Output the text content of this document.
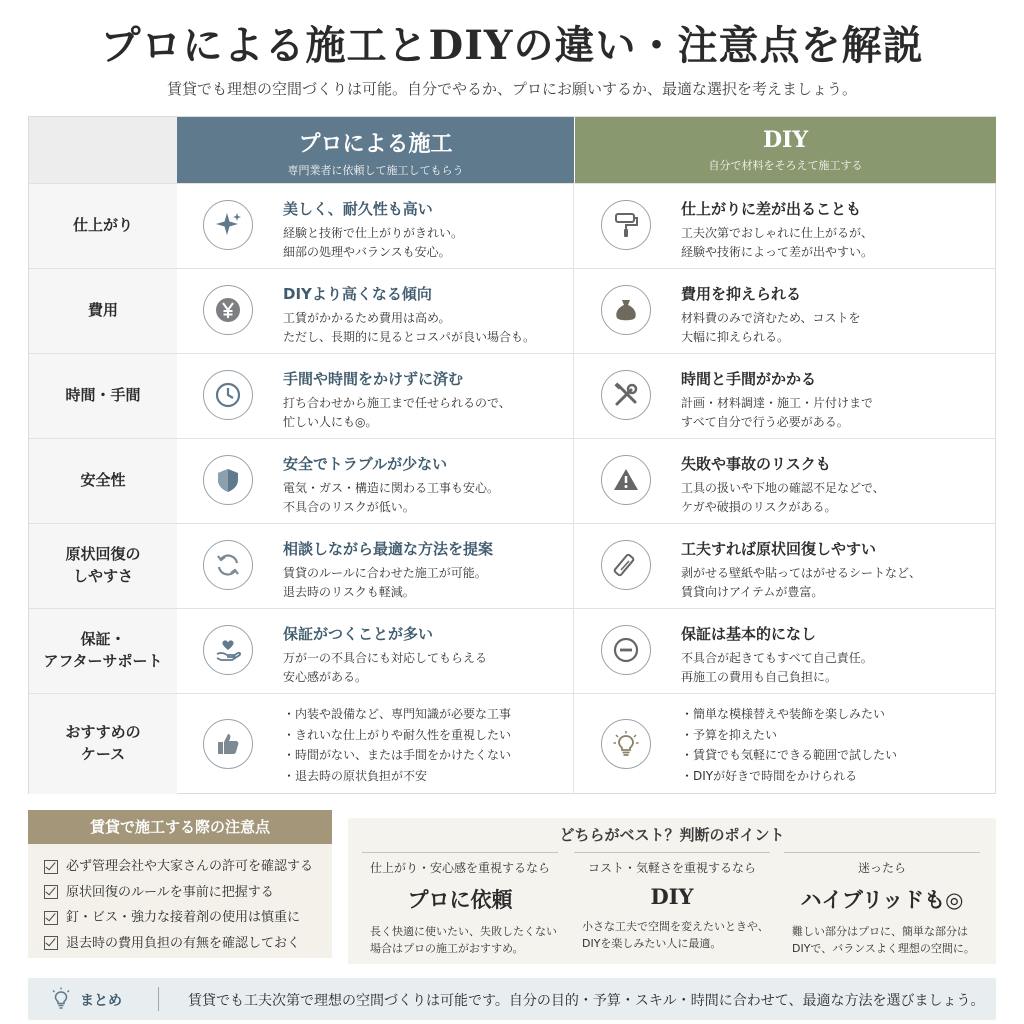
プロによる施工とDIYの違い・注意点を解説
賃貸でも理想の空間づくりは可能。自分でやるか、プロにお願いするか、最適な選択を考えましょう。
プロによる施工
専門業者に依頼して施工してもらう
DIY
自分で材料をそろえて施工する
仕上がり
美しく、耐久性も高い
経験と技術で仕上がりがきれい。
細部の処理やバランスも安心。
仕上がりに差が出ることも
工夫次第でおしゃれに仕上がるが、
経験や技術によって差が出やすい。
費用
DIYより高くなる傾向
工賃がかかるため費用は高め。
ただし、長期的に見るとコスパが良い場合も。
費用を抑えられる
材料費のみで済むため、コストを
大幅に抑えられる。
時間・手間
手間や時間をかけずに済む
打ち合わせから施工まで任せられるので、
忙しい人にも◎。
時間と手間がかかる
計画・材料調達・施工・片付けまで
すべて自分で行う必要がある。
安全性
安全でトラブルが少ない
電気・ガス・構造に関わる工事も安心。
不具合のリスクが低い。
失敗や事故のリスクも
工具の扱いや下地の確認不足などで、
ケガや破損のリスクがある。
原状回復の
しやすさ
相談しながら最適な方法を提案
賃貸のルールに合わせた施工が可能。
退去時のリスクも軽減。
工夫すれば原状回復しやすい
剥がせる壁紙や貼ってはがせるシートなど、
賃貸向けアイテムが豊富。
保証・
アフターサポート
保証がつくことが多い
万が一の不具合にも対応してもらえる
安心感がある。
保証は基本的になし
不具合が起きてもすべて自己責任。
再施工の費用も自己負担に。
おすすめの
ケース
・ 内装や設備など、専門知識が必要な工事
・ きれいな仕上がりや耐久性を重視したい
・ 時間がない、または手間をかけたくない
・ 退去時の原状負担が不安
・ 簡単な模様替えや装飾を楽しみたい
・ 予算を抑えたい
・ 賃貸でも気軽にできる範囲で試したい
・ DIYが好きで時間をかけられる
賃貸で施工する際の注意点
必ず管理会社や大家さんの許可を確認する
原状回復のルールを事前に把握する
釘・ビス・強力な接着剤の使用は慎重に
退去時の費用負担の有無を確認しておく
どちらがベスト？判断のポイント
仕上がり・安心感を重視するなら
プロに依頼
長く快適に使いたい、失敗したくない
場合はプロの施工がおすすめ。
コスト・気軽さを重視するなら
DIY
小さな工夫で空間を変えたいときや、
DIYを楽しみたい人に最適。
迷ったら
ハイブリッドも◎
難しい部分はプロに、簡単な部分は
DIYで、バランスよく理想の空間に。
まとめ	賃貸でも工夫次第で理想の空間づくりは可能です。自分の目的・予算・スキル・時間に合わせて、最適な方法を選びましょう。
